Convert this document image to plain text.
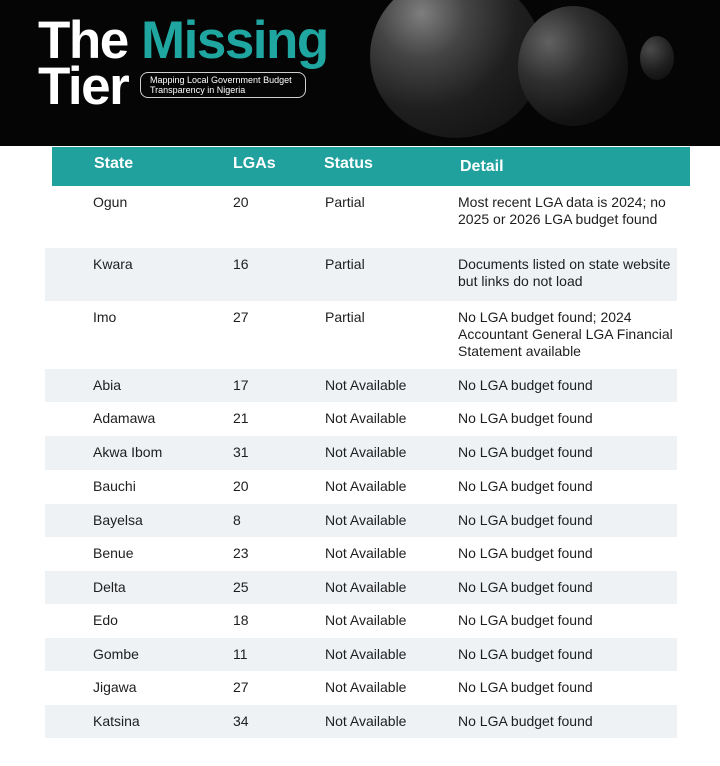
The Missing
Tier Mapping Local Government Budget
Transparency in Nigeria
State	LGAs	Status	Detail
Ogun	20	Partial	Most recent LGA data is 2024; no 2025 or 2026 LGA budget found
Kwara	16	Partial	Documents listed on state website but links do not load
Imo	27	Partial	No LGA budget found; 2024 Accountant General LGA Financial Statement available
Abia	17	Not Available	No LGA budget found
Adamawa	21	Not Available	No LGA budget found
Akwa Ibom	31	Not Available	No LGA budget found
Bauchi	20	Not Available	No LGA budget found
Bayelsa	8	Not Available	No LGA budget found
Benue	23	Not Available	No LGA budget found
Delta	25	Not Available	No LGA budget found
Edo	18	Not Available	No LGA budget found
Gombe	11	Not Available	No LGA budget found
Jigawa	27	Not Available	No LGA budget found
Katsina	34	Not Available	No LGA budget found
